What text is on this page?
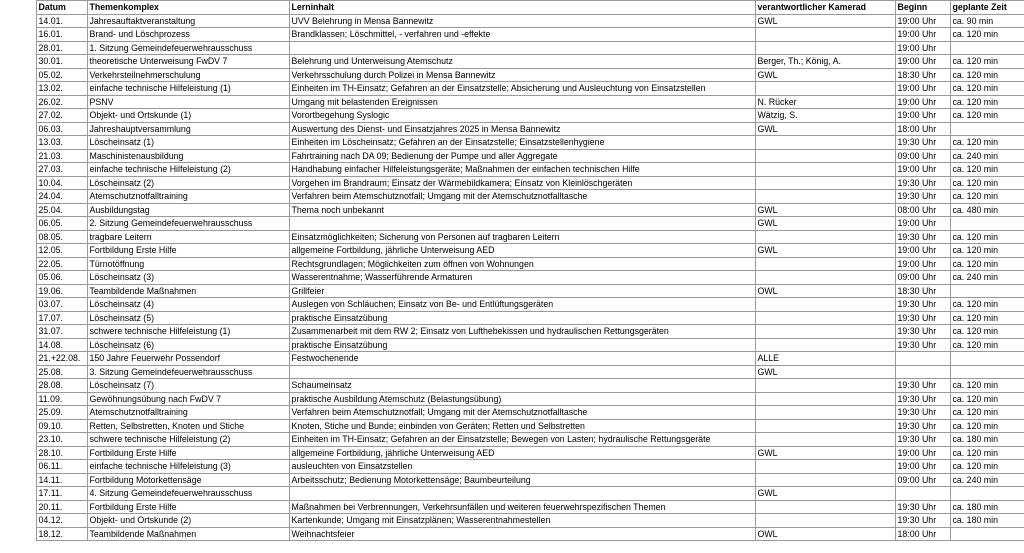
	Datum	Themenkomplex	Lerninhalt	verantwortlicher Kamerad	Beginn	geplante Zeit
	14.01.	Jahresauftaktveranstaltung	UVV Belehrung in Mensa Bannewitz	GWL	19:00 Uhr	ca. 90 min
	16.01.	Brand- und Löschprozess	Brandklassen; Löschmittel, - verfahren und -effekte		19:00 Uhr	ca. 120 min
	28.01.	1. Sitzung Gemeindefeuerwehrausschuss			19:00 Uhr	
	30.01.	theoretische Unterweisung FwDV 7	Belehrung und Unterweisung Atemschutz	Berger, Th.; König, A.	19:00 Uhr	ca. 120 min
	05.02.	Verkehrsteilnehmerschulung	Verkehrsschulung durch Polizei in Mensa Bannewitz	GWL	18:30 Uhr	ca. 120 min
	13.02.	einfache technische Hilfeleistung (1)	Einheiten im TH-Einsatz; Gefahren an der Einsatzstelle; Absicherung und Ausleuchtung von Einsatzstellen		19:00 Uhr	ca. 120 min
	26.02.	PSNV	Umgang mit belastenden Ereignissen	N. Rücker	19:00 Uhr	ca. 120 min
	27.02.	Objekt- und Ortskunde (1)	Vorortbegehung Syslogic	Wätzig, S.	19:00 Uhr	ca. 120 min
	06.03.	Jahreshauptversammlung	Auswertung des Dienst- und Einsatzjahres 2025 in Mensa Bannewitz	GWL	18:00 Uhr	
	13.03.	Löscheinsatz (1)	Einheiten im Löscheinsatz; Gefahren an der Einsatzstelle; Einsatzstellenhygiene		19:30 Uhr	ca. 120 min
	21.03.	Maschinistenausbildung	Fahrtraining nach DA 09; Bedienung der Pumpe und aller Aggregate		09:00 Uhr	ca. 240 min
	27.03.	einfache technische Hilfeleistung (2)	Handhabung einfacher Hilfeleistungsgeräte; Maßnahmen der einfachen technischen Hilfe		19:00 Uhr	ca. 120 min
	10.04.	Löscheinsatz (2)	Vorgehen im Brandraum; Einsatz der Wärmebildkamera; Einsatz von Kleinlöschgeräten		19:30 Uhr	ca. 120 min
	24.04.	Atemschutznotfalltraining	Verfahren beim Atemschutznotfall; Umgang mit der Atemschutznotfalltasche		19:30 Uhr	ca. 120 min
	25.04.	Ausbildungstag	Thema noch unbekannt	GWL	08:00 Uhr	ca. 480 min
	06.05.	2. Sitzung Gemeindefeuerwehrausschuss		GWL	19:00 Uhr	
	08.05.	tragbare Leitern	Einsatzmöglichkeiten; Sicherung von Personen auf tragbaren Leitern		19:30 Uhr	ca. 120 min
	12.05.	Fortbildung Erste Hilfe	allgemeine Fortbildung, jährliche Unterweisung AED	GWL	19:00 Uhr	ca. 120 min
	22.05.	Türnotöffnung	Rechtsgrundlagen; Möglichkeiten zum öffnen von Wohnungen		19:00 Uhr	ca. 120 min
	05.06.	Löscheinsatz (3)	Wasserentnahme; Wasserführende Armaturen		09:00 Uhr	ca. 240 min
	19.06.	Teambildende Maßnahmen	Grillfeier	OWL	18:30 Uhr	
	03.07.	Löscheinsatz (4)	Auslegen von Schläuchen; Einsatz von Be- und Entlüftungsgeräten		19:30 Uhr	ca. 120 min
	17.07.	Löscheinsatz (5)	praktische Einsatzübung		19:30 Uhr	ca. 120 min
	31.07.	schwere technische Hilfeleistung (1)	Zusammenarbeit mit dem RW 2; Einsatz von Lufthebekissen und hydraulischen Rettungsgeräten		19:30 Uhr	ca. 120 min
	14.08.	Löscheinsatz (6)	praktische Einsatzübung		19:30 Uhr	ca. 120 min
	21.+22.08.	150 Jahre Feuerwehr Possendorf	Festwochenende	ALLE		
	25.08.	3. Sitzung Gemeindefeuerwehrausschuss		GWL		
	28.08.	Löscheinsatz (7)	Schaumeinsatz		19:30 Uhr	ca. 120 min
	11.09.	Gewöhnungsübung nach FwDV 7	praktische Ausbildung Atemschutz (Belastungsübung)		19:30 Uhr	ca. 120 min
	25.09.	Atemschutznotfalltraining	Verfahren beim Atemschutznotfall; Umgang mit der Atemschutznotfalltasche		19:30 Uhr	ca. 120 min
	09.10.	Retten, Selbstretten, Knoten und Stiche	Knoten, Stiche und Bunde; einbinden von Geräten; Retten und Selbstretten		19:30 Uhr	ca. 120 min
	23.10.	schwere technische Hilfeleistung (2)	Einheiten im TH-Einsatz; Gefahren an der Einsatzstelle; Bewegen von Lasten; hydraulische Rettungsgeräte		19:30 Uhr	ca. 180 min
	28.10.	Fortbildung Erste Hilfe	allgemeine Fortbildung, jährliche Unterweisung AED	GWL	19:00 Uhr	ca. 120 min
	06.11.	einfache technische Hilfeleistung (3)	ausleuchten von Einsatzstellen		19:00 Uhr	ca. 120 min
	14.11.	Fortbildung Motorkettensäge	Arbeitsschutz; Bedienung Motorkettensäge; Baumbeurteilung		09:00 Uhr	ca. 240 min
	17.11.	4. Sitzung Gemeindefeuerwehrausschuss		GWL		
	20.11.	Fortbildung Erste Hilfe	Maßnahmen bei Verbrennungen, Verkehrsunfällen und weiteren feuerwehrspezifischen Themen		19:30 Uhr	ca. 180 min
	04.12.	Objekt- und Ortskunde (2)	Kartenkunde; Umgang mit Einsatzplänen; Wasserentnahmestellen		19:30 Uhr	ca. 180 min
	18.12.	Teambildende Maßnahmen	Weihnachtsfeier	OWL	18:00 Uhr	
